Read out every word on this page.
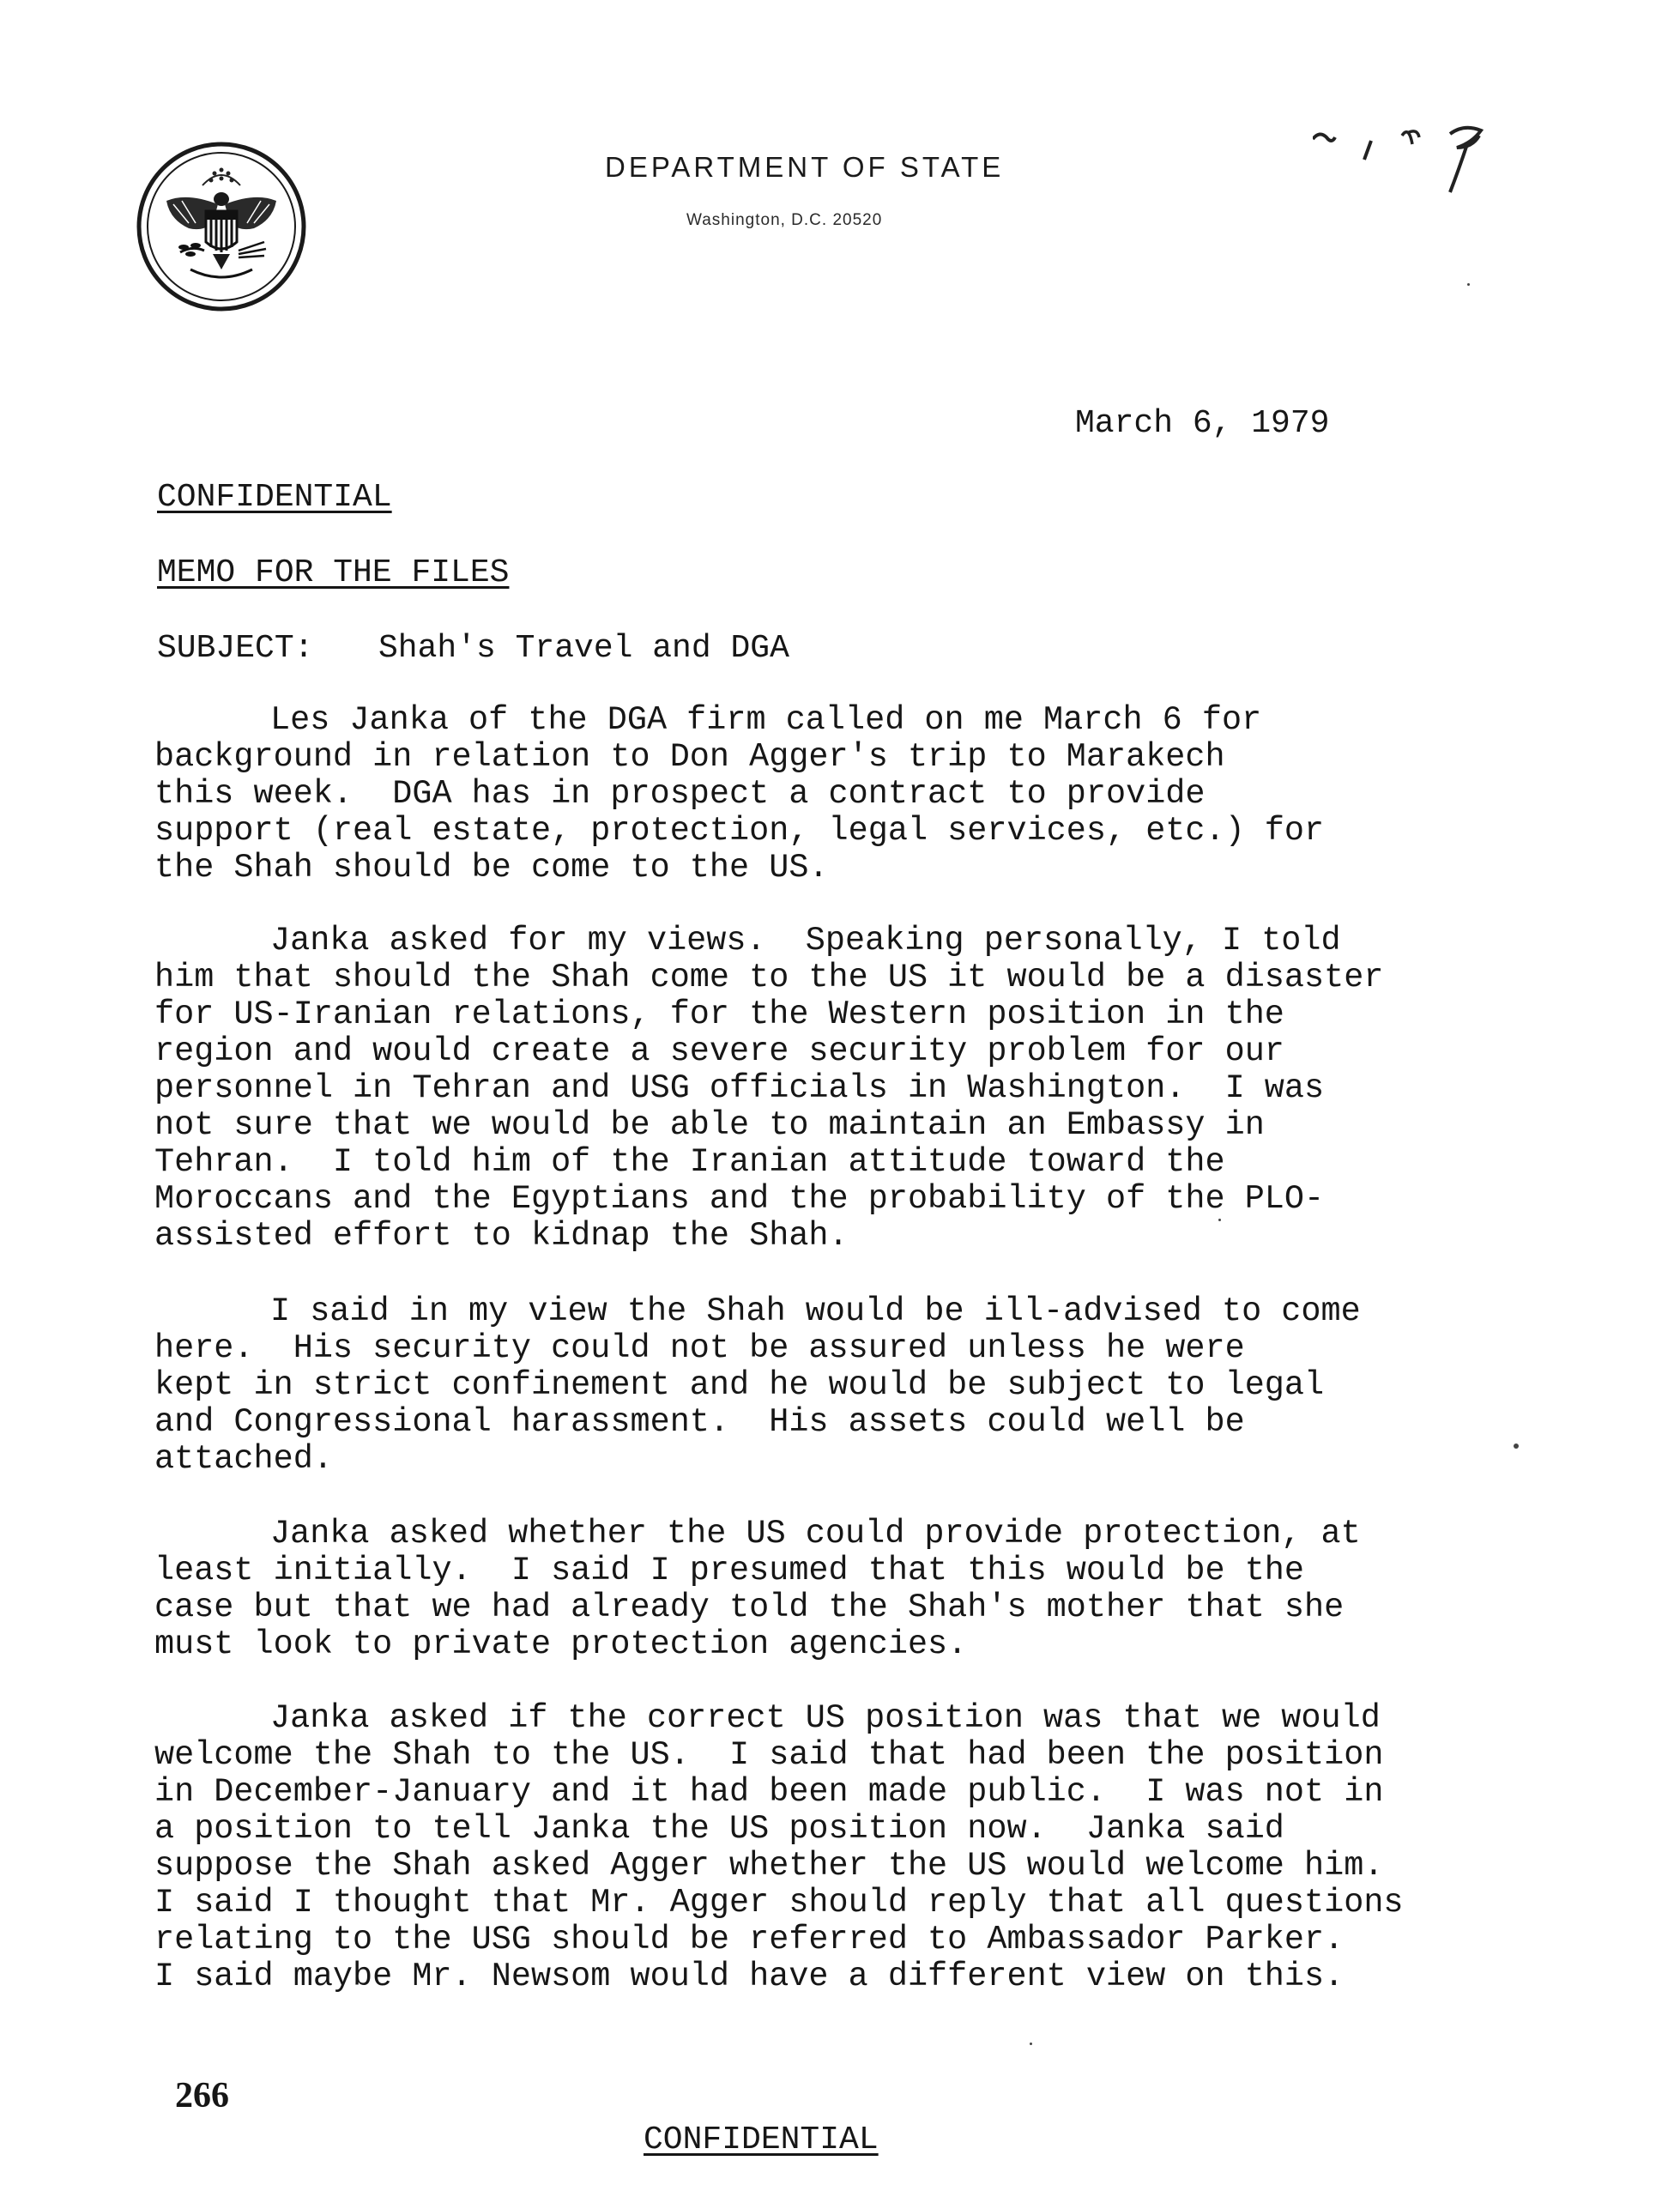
DEPARTMENT OF STATE
Washington, D.C. 20520
March 6, 1979
CONFIDENTIAL
MEMO FOR THE FILES
SUBJECT: Shah's Travel and DGA

Les Janka of the DGA firm called on me March 6 for

background in relation to Don Agger's trip to Marakech

this week.  DGA has in prospect a contract to provide

support (real estate, protection, legal services, etc.) for

the Shah should be come to the US.

Janka asked for my views.  Speaking personally, I told

him that should the Shah come to the US it would be a disaster

for US-Iranian relations, for the Western position in the

region and would create a severe security problem for our

personnel in Tehran and USG officials in Washington.  I was

not sure that we would be able to maintain an Embassy in

Tehran.  I told him of the Iranian attitude toward the

Moroccans and the Egyptians and the probability of the PLO-

assisted effort to kidnap the Shah.

I said in my view the Shah would be ill-advised to come

here.  His security could not be assured unless he were

kept in strict confinement and he would be subject to legal

and Congressional harassment.  His assets could well be

attached.

Janka asked whether the US could provide protection, at

least initially.  I said I presumed that this would be the

case but that we had already told the Shah's mother that she

must look to private protection agencies.

Janka asked if the correct US position was that we would

welcome the Shah to the US.  I said that had been the position

in December-January and it had been made public.  I was not in

a position to tell Janka the US position now.  Janka said

suppose the Shah asked Agger whether the US would welcome him.

I said I thought that Mr. Agger should reply that all questions

relating to the USG should be referred to Ambassador Parker.

I said maybe Mr. Newsom would have a different view on this.

266
CONFIDENTIAL
